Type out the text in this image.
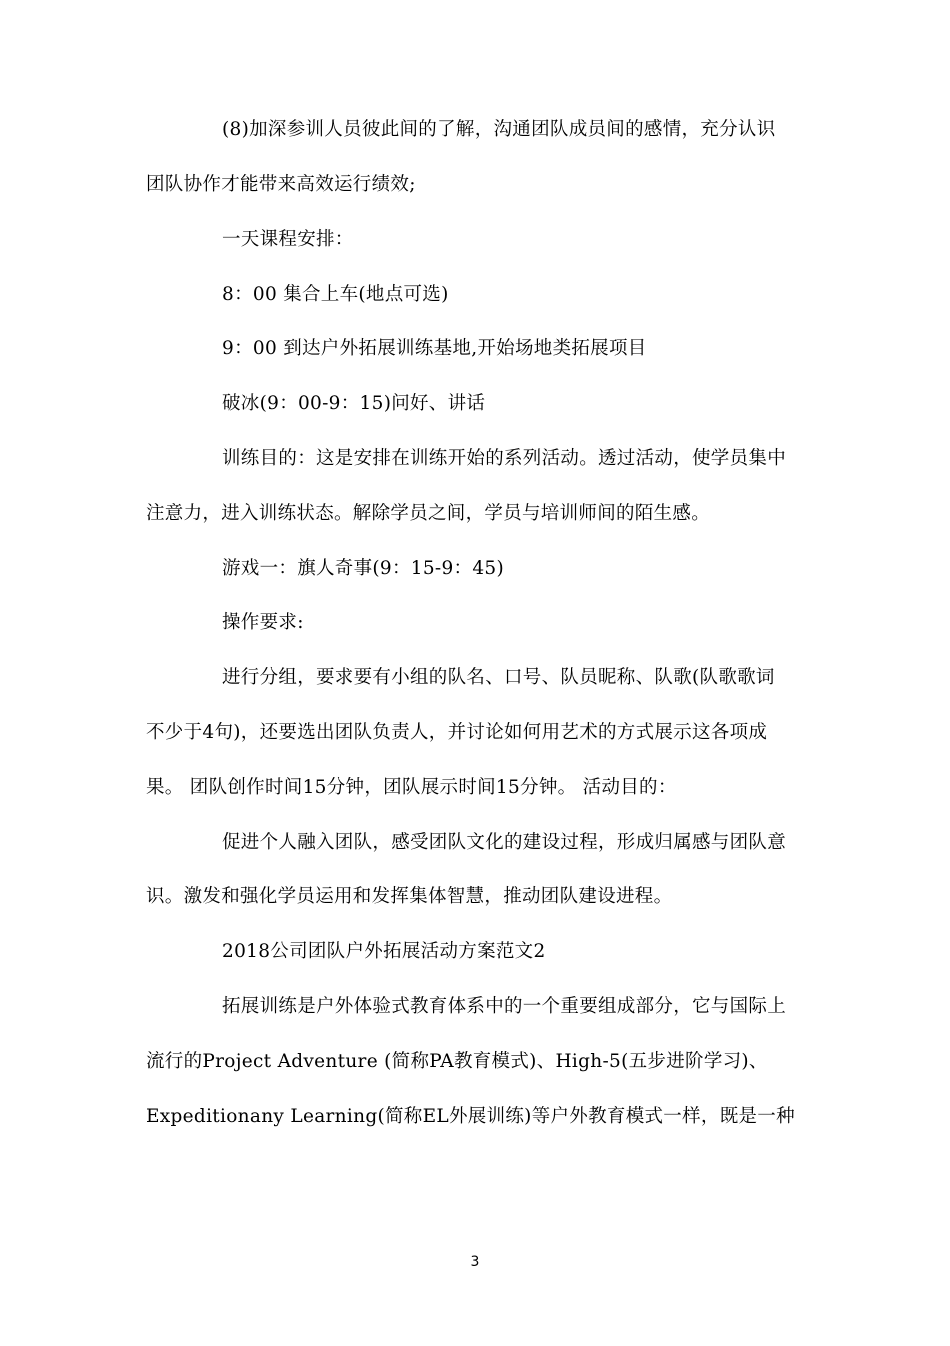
(8)加深参训人员彼此间的了解，沟通团队成员间的感情，充分认识
团队协作才能带来高效运行绩效;
一天课程安排：
8：00 集合上车(地点可选)
9：00 到达户外拓展训练基地,开始场地类拓展项目
破冰(9：00-9：15)问好、讲话
训练目的：这是安排在训练开始的系列活动。透过活动，使学员集中
注意力，进入训练状态。解除学员之间，学员与培训师间的陌生感。
游戏一：旗人奇事(9：15-9：45)
操作要求:
进行分组，要求要有小组的队名、口号、队员昵称、队歌(队歌歌词
不少于4句)，还要选出团队负责人，并讨论如何用艺术的方式展示这各项成
果。 团队创作时间15分钟，团队展示时间15分钟。 活动目的：
促进个人融入团队，感受团队文化的建设过程，形成归属感与团队意
识。激发和强化学员运用和发挥集体智慧，推动团队建设进程。
2018公司团队户外拓展活动方案范文2
拓展训练是户外体验式教育体系中的一个重要组成部分，它与国际上
流行的Project Adventure (简称PA教育模式)、High-5(五步进阶学习)、
Expeditionany Learning(简称EL外展训练)等户外教育模式一样，既是一种
3
